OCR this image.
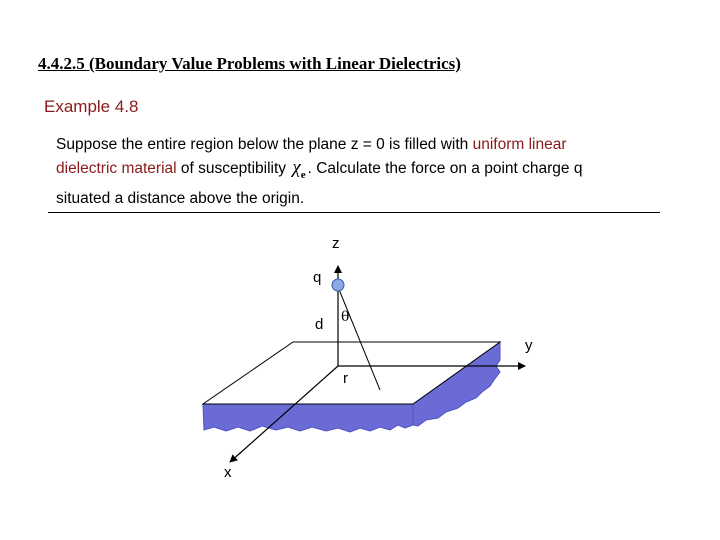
4.4.2.5 (Boundary Value Problems with Linear Dielectrics)
Example 4.8
Suppose the entire region below the plane z = 0 is filled with uniform linear
dielectric material of susceptibility $\chi_e$ . Calculate the force on a point charge q
situated a distance above the origin.
z
q
d θ
y
r
x
